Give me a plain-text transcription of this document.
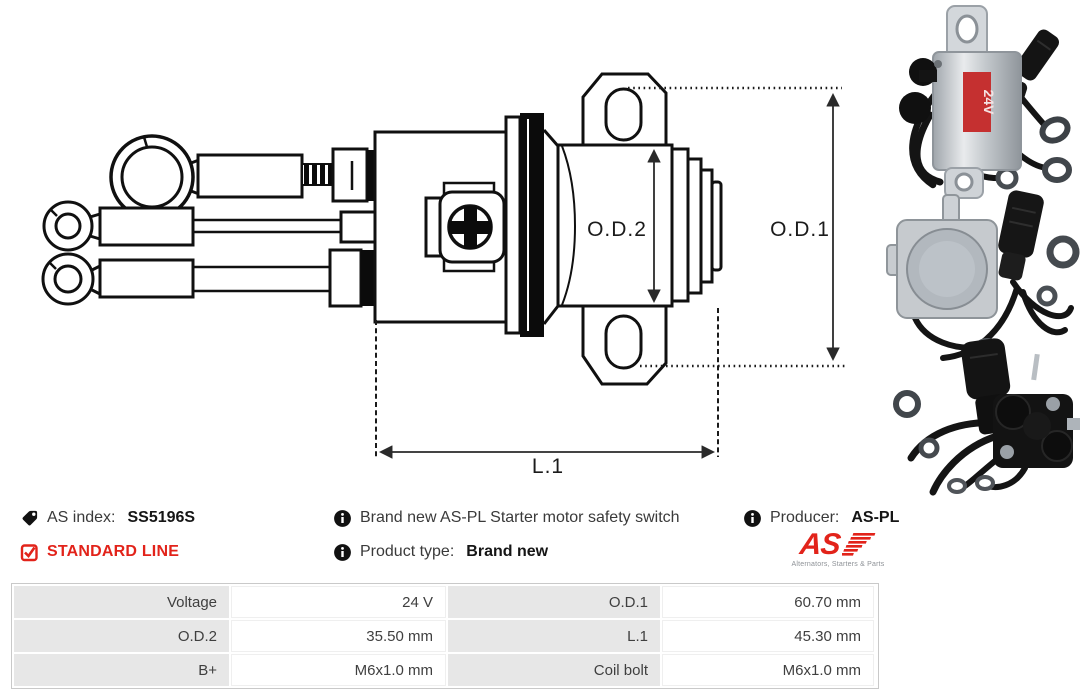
O.D.2	O.D.1
L.1
24V
AS index: SS5196S	Brand new AS-PL Starter motor safety switch	Producer: AS-PL
STANDARD LINE	Product type: Brand new	AS
Alternators, Starters & Parts
Voltage	24 V	O.D.1	60.70 mm
O.D.2	35.50 mm	L.1	45.30 mm
B+	M6x1.0 mm	Coil bolt	M6x1.0 mm
